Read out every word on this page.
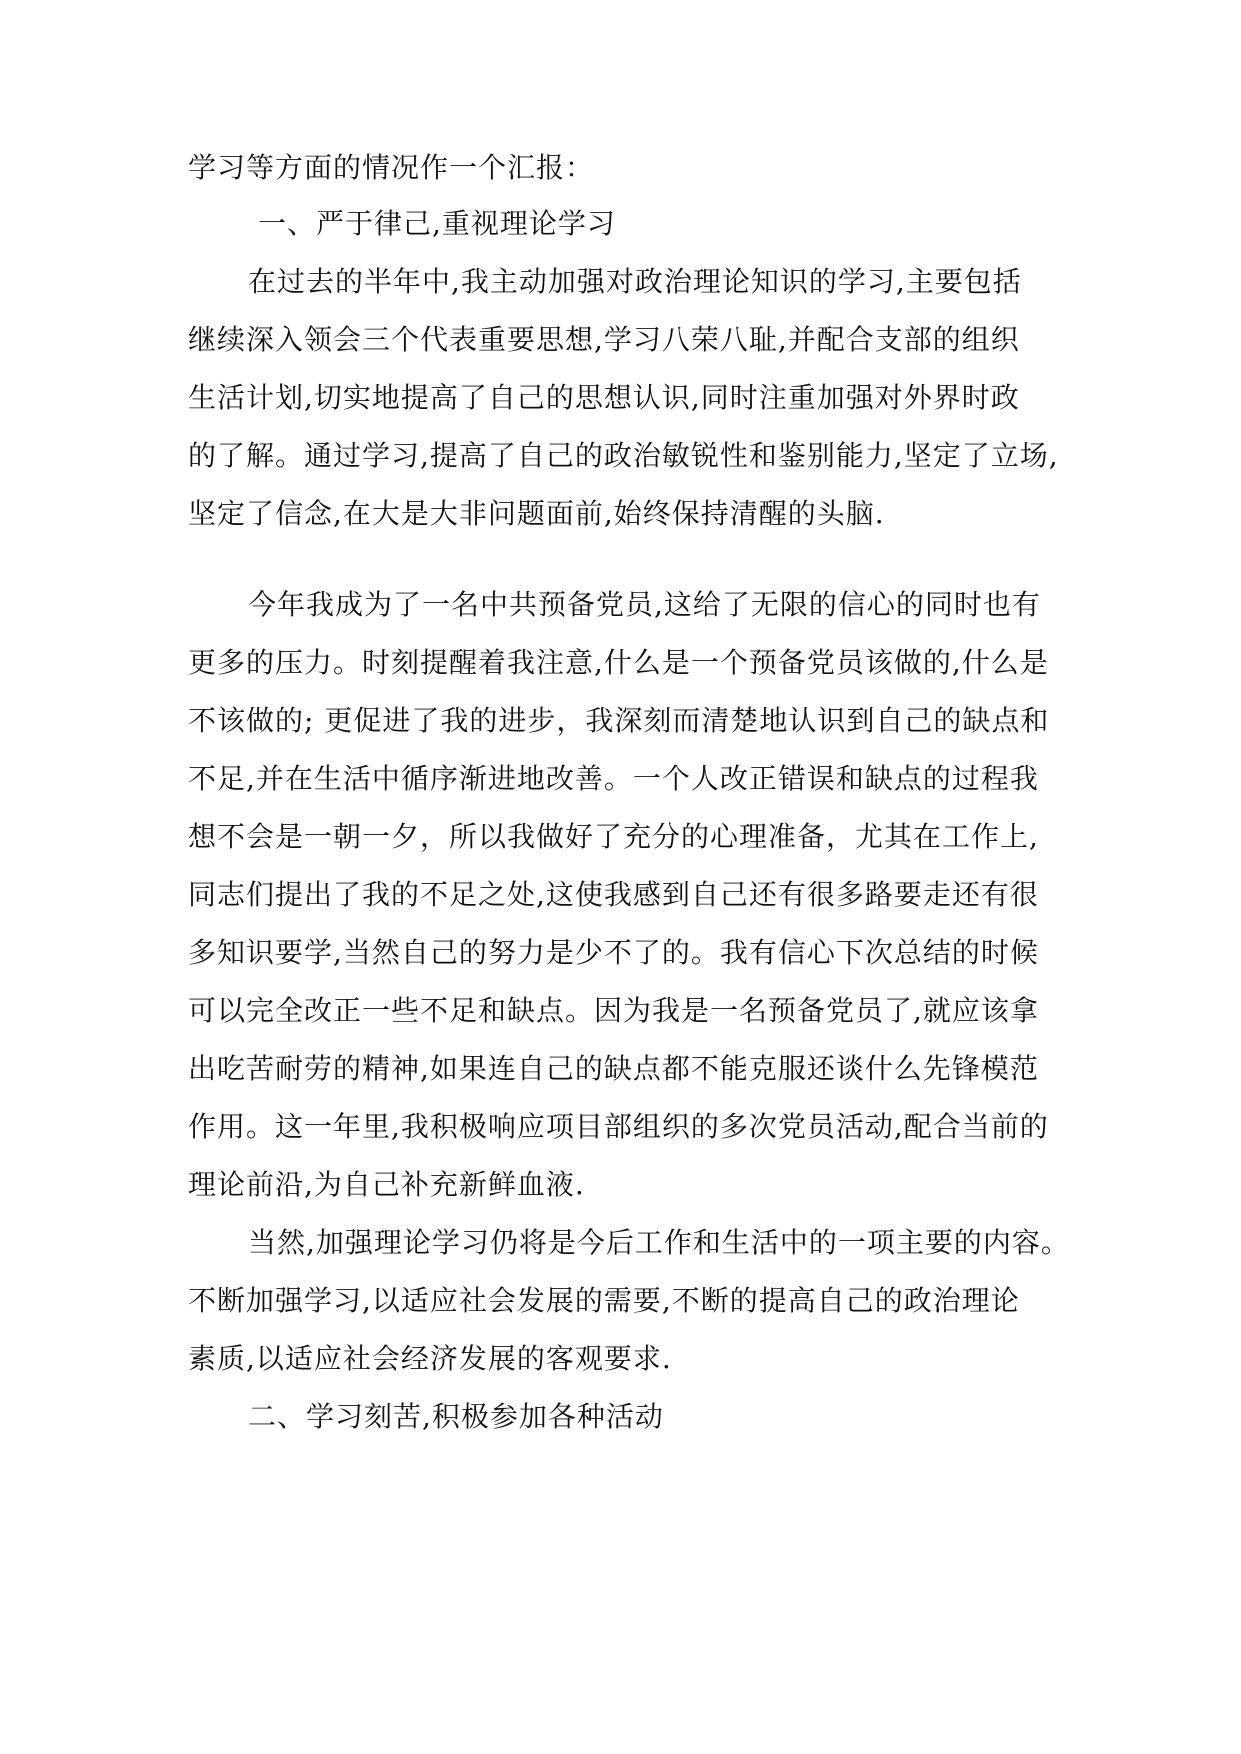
学习等方面的情况作一个汇报：
一、严于律己,重视理论学习
在过去的半年中,我主动加强对政治理论知识的学习,主要包括
继续深入领会三个代表重要思想,学习八荣八耻,并配合支部的组织
生活计划,切实地提高了自己的思想认识,同时注重加强对外界时政
的了解。通过学习,提高了自己的政治敏锐性和鉴别能力,坚定了立场,
坚定了信念,在大是大非问题面前,始终保持清醒的头脑.
今年我成为了一名中共预备党员,这给了无限的信心的同时也有
更多的压力。时刻提醒着我注意,什么是一个预备党员该做的,什么是
不该做的; 更促进了我的进步，我深刻而清楚地认识到自己的缺点和
不足,并在生活中循序渐进地改善。一个人改正错误和缺点的过程我
想不会是一朝一夕，所以我做好了充分的心理准备，尤其在工作上,
同志们提出了我的不足之处,这使我感到自己还有很多路要走还有很
多知识要学,当然自己的努力是少不了的。我有信心下次总结的时候
可以完全改正一些不足和缺点。因为我是一名预备党员了,就应该拿
出吃苦耐劳的精神,如果连自己的缺点都不能克服还谈什么先锋模范
作用。这一年里,我积极响应项目部组织的多次党员活动,配合当前的
理论前沿,为自己补充新鲜血液.
当然,加强理论学习仍将是今后工作和生活中的一项主要的内容。
不断加强学习,以适应社会发展的需要,不断的提高自己的政治理论
素质,以适应社会经济发展的客观要求.
二、学习刻苦,积极参加各种活动
